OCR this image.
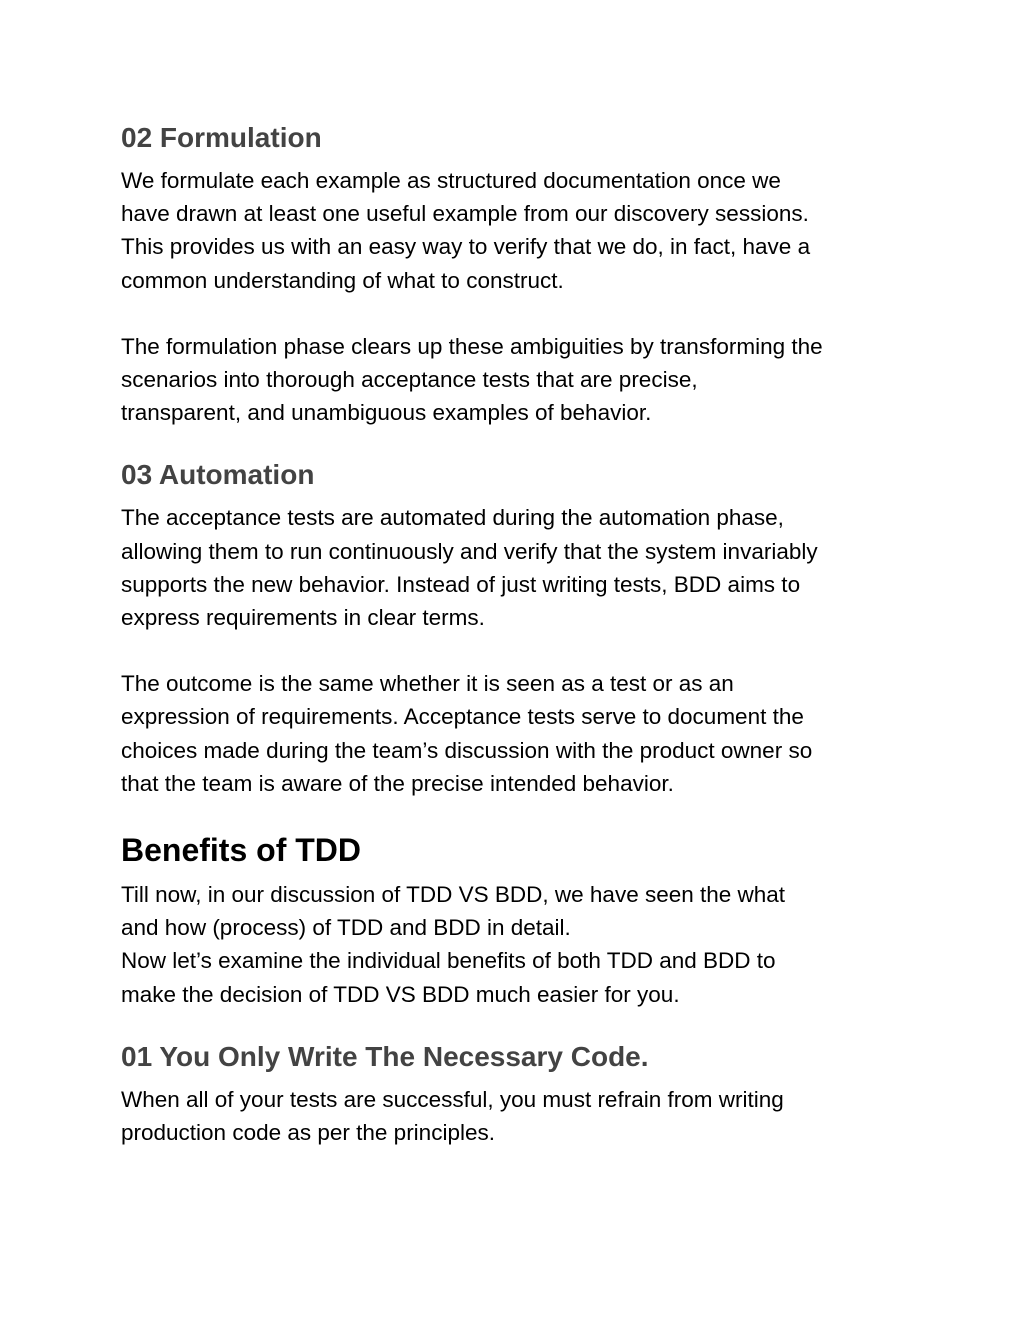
02 Formulation

We formulate each example as structured documentation once we
have drawn at least one useful example from our discovery sessions.
This provides us with an easy way to verify that we do, in fact, have a
common understanding of what to construct.

The formulation phase clears up these ambiguities by transforming the
scenarios into thorough acceptance tests that are precise,
transparent, and unambiguous examples of behavior.

03 Automation

The acceptance tests are automated during the automation phase,
allowing them to run continuously and verify that the system invariably
supports the new behavior. Instead of just writing tests, BDD aims to
express requirements in clear terms.

The outcome is the same whether it is seen as a test or as an
expression of requirements. Acceptance tests serve to document the
choices made during the team’s discussion with the product owner so
that the team is aware of the precise intended behavior.

Benefits of TDD

Till now, in our discussion of TDD VS BDD, we have seen the what
and how (process) of TDD and BDD in detail.
Now let’s examine the individual benefits of both TDD and BDD to
make the decision of TDD VS BDD much easier for you.

01 You Only Write The Necessary Code.

When all of your tests are successful, you must refrain from writing
production code as per the principles.
